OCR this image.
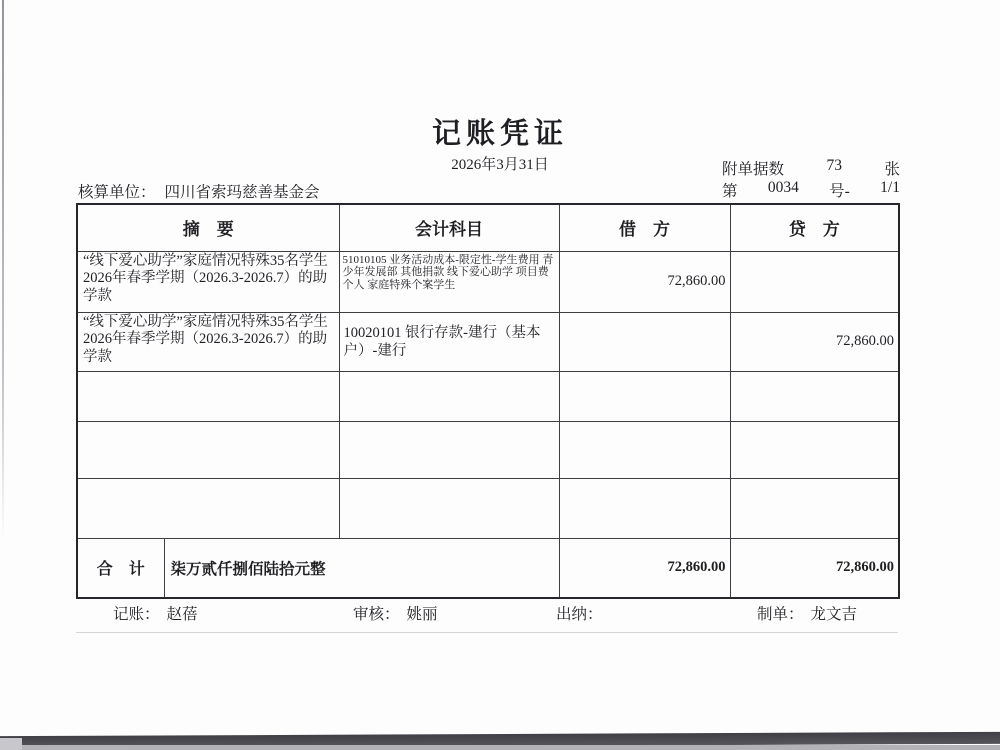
记账凭证
2026年3月31日	附单据数	73	张
第 0034 号- 1/1
核算单位： 四川省索玛慈善基金会
摘　要		会计科目	借　方	贷　方
“线下爱心助学”家庭情况特殊35名学生2026年春季学期（2026.3-2026.7）的助学款		51010105 业务活动成本-限定性-学生费用 青少年发展部 其他捐款 线下爱心助学 项目费 个人 家庭特殊个案学生	72,860.00	
“线下爱心助学”家庭情况特殊35名学生2026年春季学期（2026.3-2026.7）的助学款		10020101 银行存款-建行（基本户）-建行		72,860.00

合　计	柒万贰仟捌佰陆拾元整		72,860.00	72,860.00
记账： 赵蓓	审核： 姚丽	出纳：	制单： 龙文吉
